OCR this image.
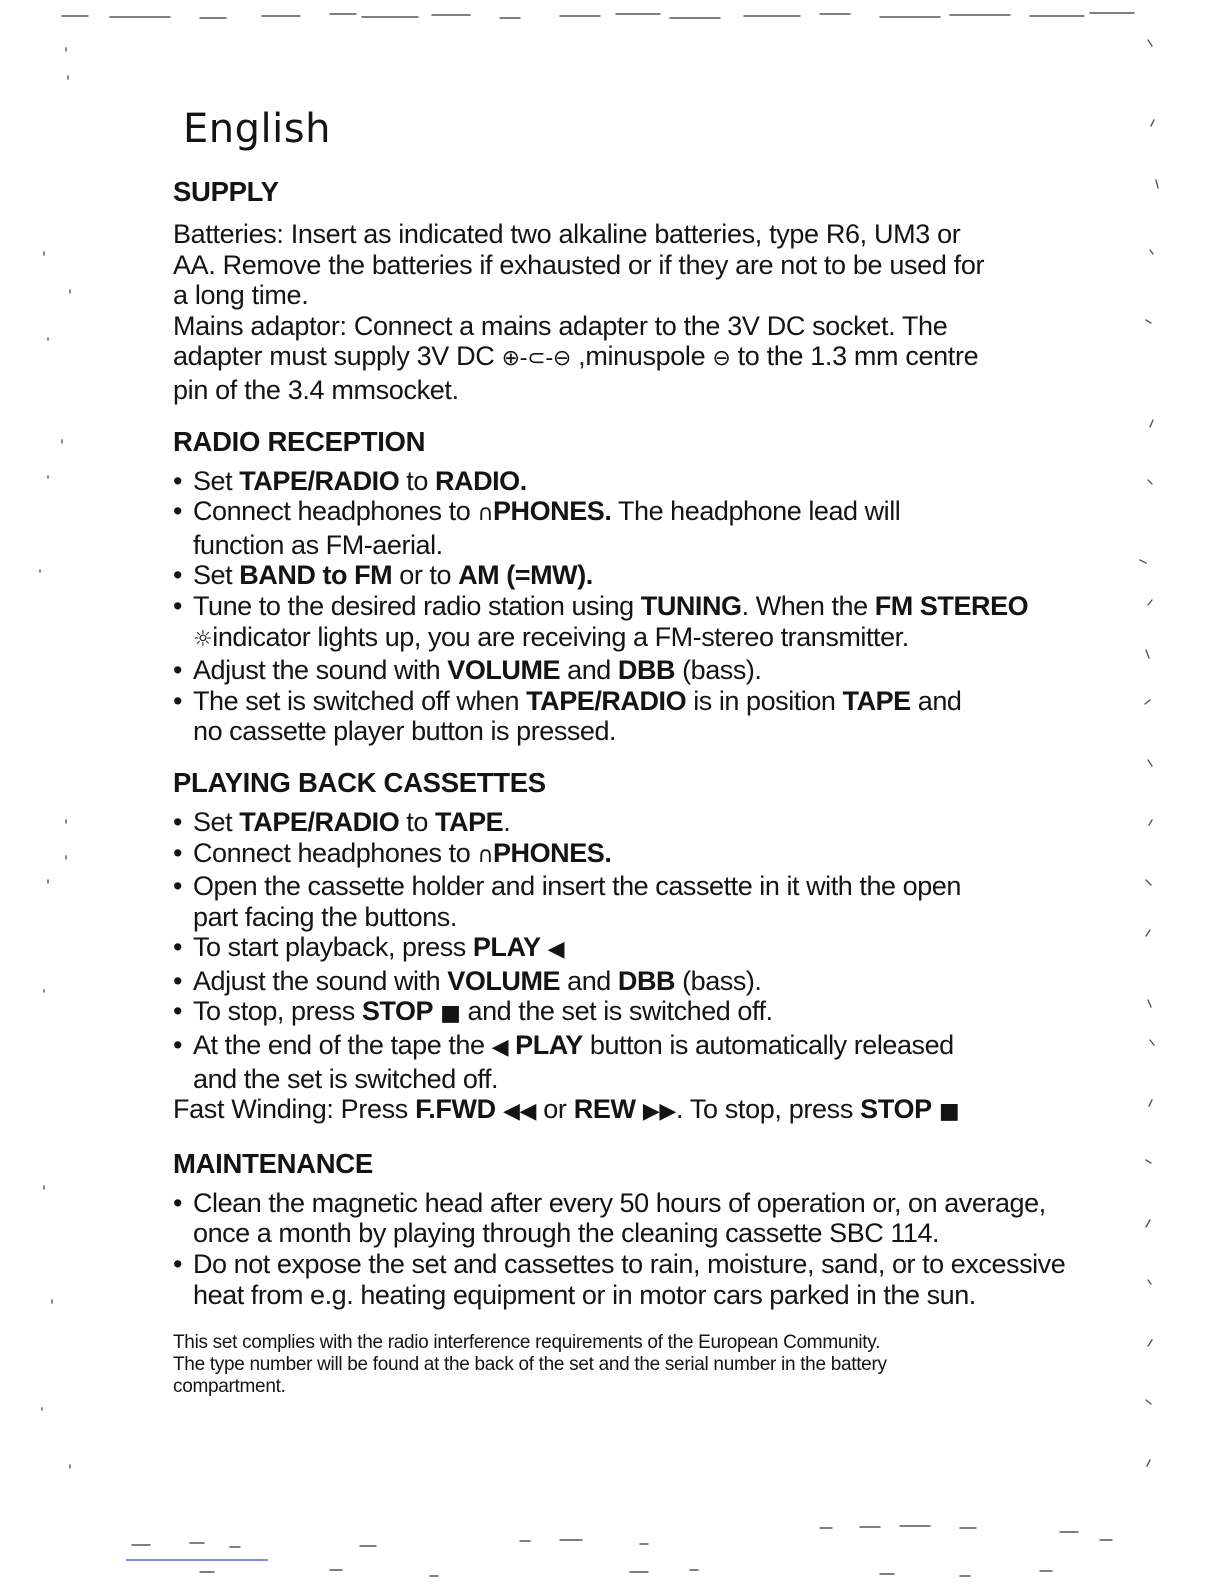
English
SUPPLY

Batteries: Insert as indicated two alkaline batteries, type R6, UM3 or

AA. Remove the batteries if exhausted or if they are not to be used for

a long time.

Mains adaptor: Connect a mains adapter to the 3V DC socket. The

adapter must supply 3V DC ⊕-⊂-⊖ ,minuspole ⊖ to the 1.3 mm centre

pin of the 3.4 mmsocket.

RADIO RECEPTION
• Set TAPE/RADIO to RADIO.
• Connect headphones to ∩PHONES. The headphone lead will
function as FM-aerial.
• Set BAND to FM or to AM (=MW).
• Tune to the desired radio station using TUNING. When the FM STEREO
☼indicator lights up, you are receiving a FM-stereo transmitter.
• Adjust the sound with VOLUME and DBB (bass).
• The set is switched off when TAPE/RADIO is in position TAPE and
no cassette player button is pressed.
PLAYING BACK CASSETTES
• Set TAPE/RADIO to TAPE.
• Connect headphones to ∩PHONES.
• Open the cassette holder and insert the cassette in it with the open
part facing the buttons.
• To start playback, press PLAY ◀
• Adjust the sound with VOLUME and DBB (bass).
• To stop, press STOP ■ and the set is switched off.
• At the end of the tape the ◀ PLAY button is automatically released
and the set is switched off.

Fast Winding: Press F.FWD ◀◀ or REW ▶▶. To stop, press STOP ■

MAINTENANCE
• Clean the magnetic head after every 50 hours of operation or, on average,
once a month by playing through the cleaning cassette SBC 114.
• Do not expose the set and cassettes to rain, moisture, sand, or to excessive
heat from e.g. heating equipment or in motor cars parked in the sun.

This set complies with the radio interference requirements of the European Community.

The type number will be found at the back of the set and the serial number in the battery

compartment.
